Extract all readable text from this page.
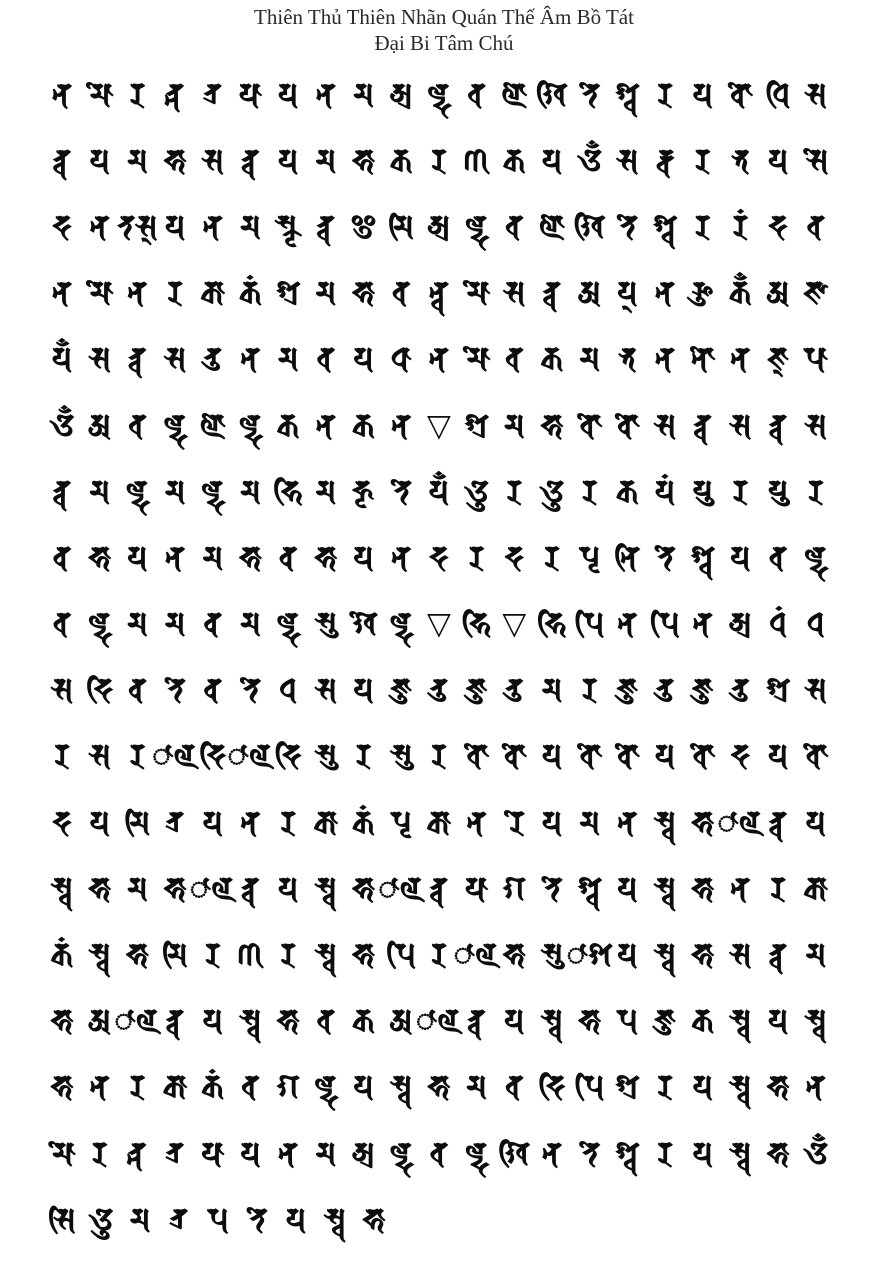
Thiên Thủ Thiên Nhãn Quán Thế Âm Bồ Tát
Đại Bi Tâm Chú
𑖡 𑖦𑖺 𑖨 𑖝𑖿𑖡 𑖝𑖿𑖨 𑖧𑖯 𑖧 𑖡 𑖦 𑖀𑖿𑖨 𑖩𑖿𑖟 𑖪 𑖩𑖺 𑖏𑖰 𑖝𑖸 𑖫𑖿𑖪 𑖨 𑖧 𑖤𑖺 𑖠𑖰 𑖭
𑖝𑖿𑖪 𑖧 𑖦 𑖮𑖯 𑖭 𑖝𑖿𑖪 𑖧 𑖦 𑖮𑖯 𑖎 𑖨 𑖜 𑖎 𑖧 𑖌𑖼 𑖭 𑖨𑖿𑖪 𑖨 𑖥 𑖧 𑖭𑖸
𑖟 𑖡 𑖝𑖭𑖿 𑖧 𑖡 𑖦 𑖭𑖿𑖎𑖴 𑖝𑖿𑖪 𑖂 𑖦𑖰 𑖀𑖿𑖨 𑖩𑖿𑖟 𑖪 𑖩𑖺 𑖏𑖰 𑖝𑖸 𑖫𑖿𑖪 𑖨 𑖨𑖽 𑖟 𑖪
𑖡 𑖦𑖺 𑖡 𑖨 𑖎𑖯 𑖎𑖽 𑖫𑖿𑖨 𑖦 𑖮𑖯 𑖪 𑖡𑖿𑖪 𑖦𑖺 𑖭 𑖝𑖿𑖪 𑖀 𑖧𑖿 𑖡 𑖖𑖲 𑖎𑖼 𑖀 𑖕𑖯
𑖧𑖼 𑖭 𑖝𑖿𑖪 𑖭 𑖝𑖲 𑖡 𑖦 𑖪 𑖧 𑖠𑖯 𑖡 𑖦𑖺 𑖪 𑖎 𑖦 𑖥 𑖡 𑖡𑖺 𑖡 𑖕𑖿 𑖢𑖯
𑖌𑖼 𑖀 𑖪 𑖩𑖿𑖟 𑖩𑖺 𑖩𑖿𑖟 𑖎 𑖡 𑖎 𑖡 ▽ 𑖫𑖿𑖨 𑖦 𑖮𑖯 𑖪𑖺 𑖤𑖺 𑖭 𑖝𑖿𑖪 𑖭 𑖝𑖿𑖪 𑖭
𑖝𑖿𑖪 𑖦 𑖩𑖿𑖟 𑖦 𑖩𑖿𑖟 𑖦 𑖮𑖰 𑖦 𑖮𑖴 𑖝𑖸 𑖧𑖼 𑖌𑖲 𑖨 𑖌𑖲 𑖨 𑖎 𑖧𑖽 𑖧𑖲 𑖨 𑖧𑖲 𑖨
𑖤 𑖮𑖯 𑖧 𑖡 𑖦 𑖮𑖯 𑖤 𑖮𑖯 𑖧 𑖡 𑖟 𑖨 𑖟 𑖨 𑖢𑖴 𑖡𑖰 𑖝𑖸 𑖫𑖿𑖪 𑖧 𑖪 𑖩𑖿𑖟
𑖪 𑖩𑖿𑖟 𑖦 𑖦 𑖤 𑖦 𑖩𑖿𑖟 𑖭𑖲 𑖏𑖸 𑖩𑖿𑖟 ▽ 𑖮𑖰 ▽ 𑖮𑖰 𑖢𑖰 𑖡 𑖢𑖰 𑖡 𑖀𑖿𑖨 𑖠𑖽 𑖠
𑖭 𑖟𑖰 𑖤 𑖝𑖸 𑖤 𑖝𑖸 𑖠 𑖭 𑖧 𑖕𑖲 𑖝𑖲 𑖕𑖲 𑖝𑖲 𑖦 𑖨 𑖕𑖲 𑖝𑖲 𑖕𑖲 𑖝𑖲 𑖫𑖿𑖨 𑖭
𑖨 𑖭 𑖨 𑖯𑖩 𑖟𑖰 𑖯𑖩 𑖟𑖰 𑖭𑖲 𑖨 𑖭𑖲 𑖨 𑖪𑖺 𑖤𑖺 𑖧 𑖪𑖺 𑖤𑖺 𑖧 𑖪𑖺 𑖟 𑖧 𑖪𑖺
𑖟 𑖧 𑖦𑖰 𑖝𑖿𑖨 𑖧 𑖡 𑖨 𑖎𑖯 𑖎𑖽 𑖢𑖴 𑖎𑖯 𑖡 𑖨𑖸 𑖧 𑖦 𑖡 𑖭𑖿𑖪 𑖮𑖯 𑖯𑖩 𑖝𑖿𑖪 𑖧
𑖭𑖿𑖪 𑖮𑖯 𑖦 𑖮𑖯 𑖯𑖩 𑖝𑖿𑖪 𑖧 𑖭𑖿𑖪 𑖮𑖯 𑖯𑖩 𑖝𑖿𑖪 𑖧𑖯 𑖐 𑖝𑖸 𑖫𑖿𑖪 𑖧 𑖭𑖿𑖪 𑖮𑖯 𑖡 𑖨 𑖎𑖯
𑖎𑖽 𑖭𑖿𑖪 𑖮𑖯 𑖦𑖰 𑖨 𑖜 𑖨 𑖭𑖿𑖪 𑖮𑖯 𑖢𑖰 𑖨 𑖯𑖩 𑖮𑖯 𑖭𑖲 𑖯𑖫 𑖧 𑖭𑖿𑖪 𑖮𑖯 𑖭 𑖝𑖿𑖪 𑖦
𑖮𑖯 𑖀 𑖯𑖩 𑖝𑖿𑖪 𑖧 𑖭𑖿𑖪 𑖮𑖯 𑖪 𑖎 𑖀 𑖯𑖩 𑖝𑖿𑖪 𑖧 𑖭𑖿𑖪 𑖮𑖯 𑖢 𑖕𑖲 𑖎 𑖭𑖿𑖪 𑖧 𑖭𑖿𑖪
𑖮𑖯 𑖡 𑖨 𑖎𑖯 𑖎𑖽 𑖪 𑖐 𑖩𑖿𑖟 𑖧 𑖭𑖿𑖪 𑖮𑖯 𑖦 𑖪 𑖟𑖰 𑖢𑖰 𑖫𑖿𑖨 𑖨 𑖧 𑖭𑖿𑖪 𑖮𑖯 𑖡
𑖦𑖺 𑖨 𑖝𑖿𑖡 𑖝𑖿𑖨 𑖧𑖯 𑖧 𑖡 𑖦 𑖀𑖿𑖨 𑖩𑖿𑖟 𑖪 𑖩𑖿𑖟 𑖏𑖰 𑖡 𑖝𑖸 𑖫𑖿𑖪 𑖨 𑖧 𑖭𑖿𑖪 𑖮𑖯 𑖌𑖼
𑖭𑖰 𑖌𑖲 𑖦 𑖝𑖿𑖨 𑖢 𑖝𑖸 𑖧 𑖭𑖿𑖪 𑖮𑖯
